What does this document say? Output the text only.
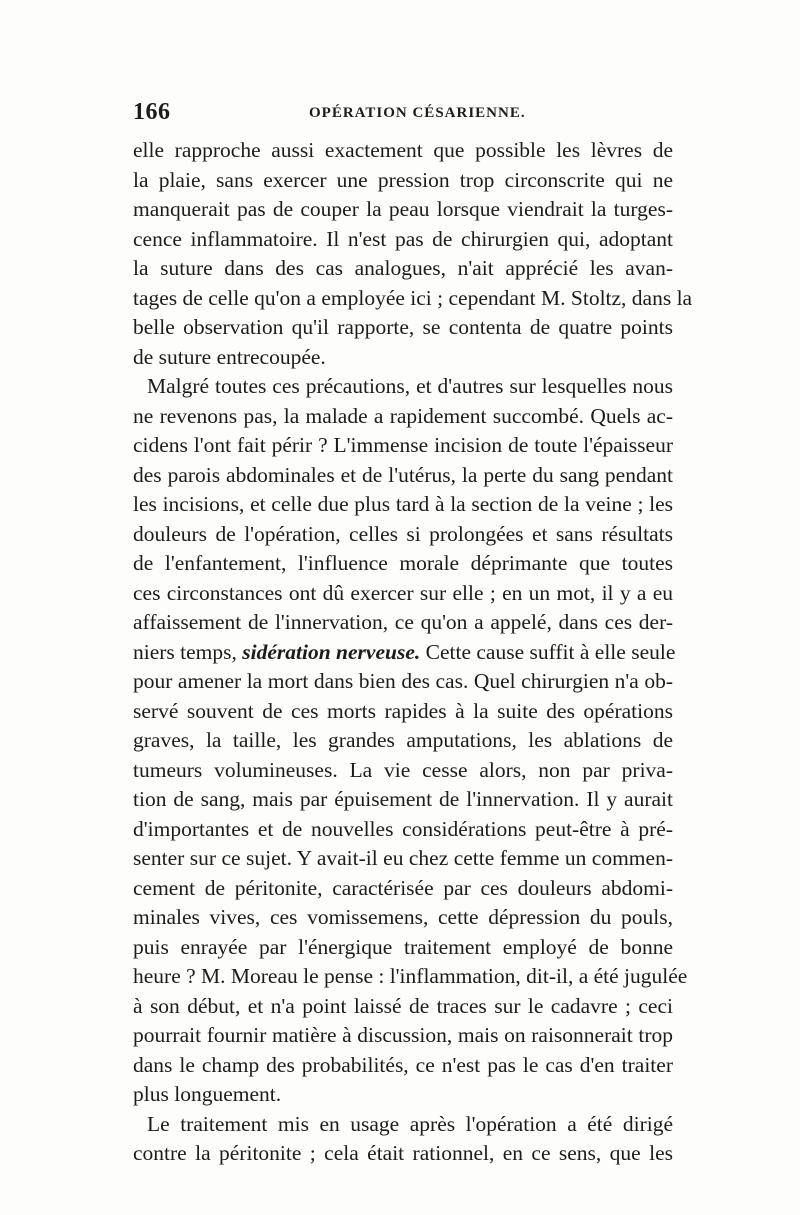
166	OPÉRATION CÉSARIENNE.
elle rapproche aussi exactement que possible les lèvres de
la plaie, sans exercer une pression trop circonscrite qui ne
manquerait pas de couper la peau lorsque viendrait la turges-
cence inflammatoire. Il n'est pas de chirurgien qui, adoptant
la suture dans des cas analogues, n'ait apprécié les avan-
tages de celle qu'on a employée ici ; cependant M. Stoltz, dans la
belle observation qu'il rapporte, se contenta de quatre points
de suture entrecoupée.
Malgré toutes ces précautions, et d'autres sur lesquelles nous
ne revenons pas, la malade a rapidement succombé. Quels ac-
cidens l'ont fait périr ? L'immense incision de toute l'épaisseur
des parois abdominales et de l'utérus, la perte du sang pendant
les incisions, et celle due plus tard à la section de la veine ; les
douleurs de l'opération, celles si prolongées et sans résultats
de l'enfantement, l'influence morale déprimante que toutes
ces circonstances ont dû exercer sur elle ; en un mot, il y a eu
affaissement de l'innervation, ce qu'on a appelé, dans ces der-
niers temps, sidération nerveuse. Cette cause suffit à elle seule
pour amener la mort dans bien des cas. Quel chirurgien n'a ob-
servé souvent de ces morts rapides à la suite des opérations
graves, la taille, les grandes amputations, les ablations de
tumeurs volumineuses. La vie cesse alors, non par priva-
tion de sang, mais par épuisement de l'innervation. Il y aurait
d'importantes et de nouvelles considérations peut-être à pré-
senter sur ce sujet. Y avait-il eu chez cette femme un commen-
cement de péritonite, caractérisée par ces douleurs abdomi-
minales vives, ces vomissemens, cette dépression du pouls,
puis enrayée par l'énergique traitement employé de bonne
heure ? M. Moreau le pense : l'inflammation, dit-il, a été jugulée
à son début, et n'a point laissé de traces sur le cadavre ; ceci
pourrait fournir matière à discussion, mais on raisonnerait trop
dans le champ des probabilités, ce n'est pas le cas d'en traiter
plus longuement.
Le traitement mis en usage après l'opération a été dirigé
contre la péritonite ; cela était rationnel, en ce sens, que les
